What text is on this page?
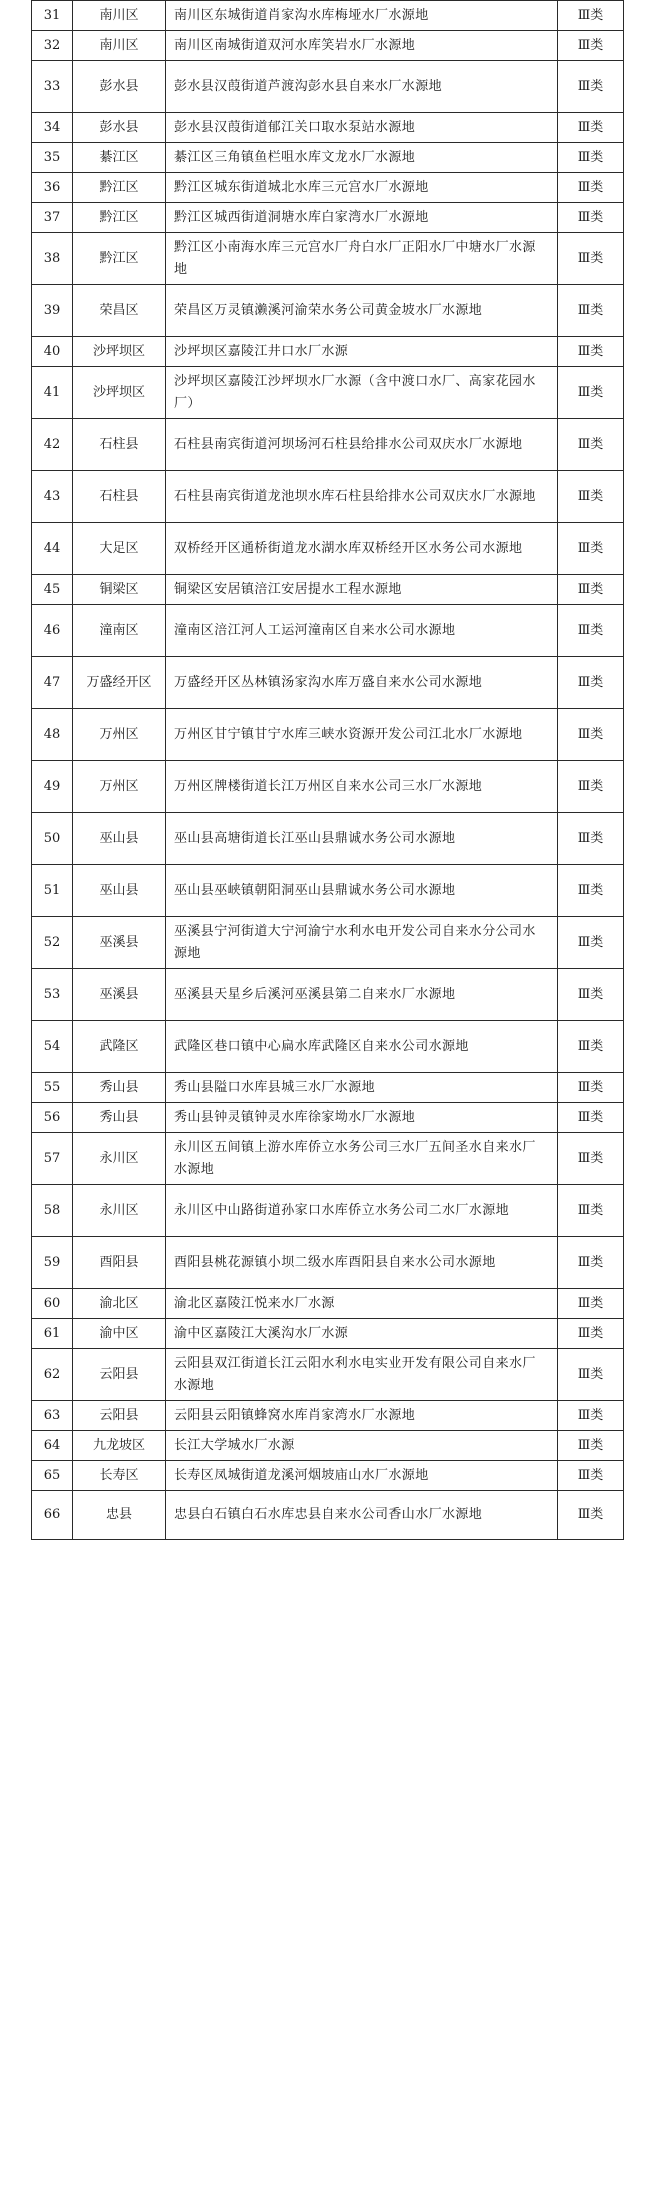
31	南川区	南川区东城街道肖家沟水库梅垭水厂水源地	Ⅲ类
32	南川区	南川区南城街道双河水库笑岩水厂水源地	Ⅲ类
33	彭水县	彭水县汉葭街道芦渡沟彭水县自来水厂水源地	Ⅲ类
34	彭水县	彭水县汉葭街道郁江关口取水泵站水源地	Ⅲ类
35	綦江区	綦江区三角镇鱼栏咀水库文龙水厂水源地	Ⅲ类
36	黔江区	黔江区城东街道城北水库三元宫水厂水源地	Ⅲ类
37	黔江区	黔江区城西街道洞塘水库白家湾水厂水源地	Ⅲ类
38	黔江区	黔江区小南海水库三元宫水厂舟白水厂正阳水厂中塘水厂水源地	Ⅲ类
39	荣昌区	荣昌区万灵镇濑溪河渝荣水务公司黄金坡水厂水源地	Ⅲ类
40	沙坪坝区	沙坪坝区嘉陵江井口水厂水源	Ⅲ类
41	沙坪坝区	沙坪坝区嘉陵江沙坪坝水厂水源（含中渡口水厂、高家花园水厂）	Ⅲ类
42	石柱县	石柱县南宾街道河坝场河石柱县给排水公司双庆水厂水源地	Ⅲ类
43	石柱县	石柱县南宾街道龙池坝水库石柱县给排水公司双庆水厂水源地	Ⅲ类
44	大足区	双桥经开区通桥街道龙水湖水库双桥经开区水务公司水源地	Ⅲ类
45	铜梁区	铜梁区安居镇涪江安居提水工程水源地	Ⅲ类
46	潼南区	潼南区涪江河人工运河潼南区自来水公司水源地	Ⅲ类
47	万盛经开区	万盛经开区丛林镇汤家沟水库万盛自来水公司水源地	Ⅲ类
48	万州区	万州区甘宁镇甘宁水库三峡水资源开发公司江北水厂水源地	Ⅲ类
49	万州区	万州区牌楼街道长江万州区自来水公司三水厂水源地	Ⅲ类
50	巫山县	巫山县高塘街道长江巫山县鼎诚水务公司水源地	Ⅲ类
51	巫山县	巫山县巫峡镇朝阳洞巫山县鼎诚水务公司水源地	Ⅲ类
52	巫溪县	巫溪县宁河街道大宁河渝宁水利水电开发公司自来水分公司水源地	Ⅲ类
53	巫溪县	巫溪县天星乡后溪河巫溪县第二自来水厂水源地	Ⅲ类
54	武隆区	武隆区巷口镇中心扁水库武隆区自来水公司水源地	Ⅲ类
55	秀山县	秀山县隘口水库县城三水厂水源地	Ⅲ类
56	秀山县	秀山县钟灵镇钟灵水库徐家坳水厂水源地	Ⅲ类
57	永川区	永川区五间镇上游水库侨立水务公司三水厂五间圣水自来水厂水源地	Ⅲ类
58	永川区	永川区中山路街道孙家口水库侨立水务公司二水厂水源地	Ⅲ类
59	酉阳县	酉阳县桃花源镇小坝二级水库酉阳县自来水公司水源地	Ⅲ类
60	渝北区	渝北区嘉陵江悦来水厂水源	Ⅲ类
61	渝中区	渝中区嘉陵江大溪沟水厂水源	Ⅲ类
62	云阳县	云阳县双江街道长江云阳水利水电实业开发有限公司自来水厂水源地	Ⅲ类
63	云阳县	云阳县云阳镇蜂窝水库肖家湾水厂水源地	Ⅲ类
64	九龙坡区	长江大学城水厂水源	Ⅲ类
65	长寿区	长寿区凤城街道龙溪河烟坡庙山水厂水源地	Ⅲ类
66	忠县	忠县白石镇白石水库忠县自来水公司香山水厂水源地	Ⅲ类
